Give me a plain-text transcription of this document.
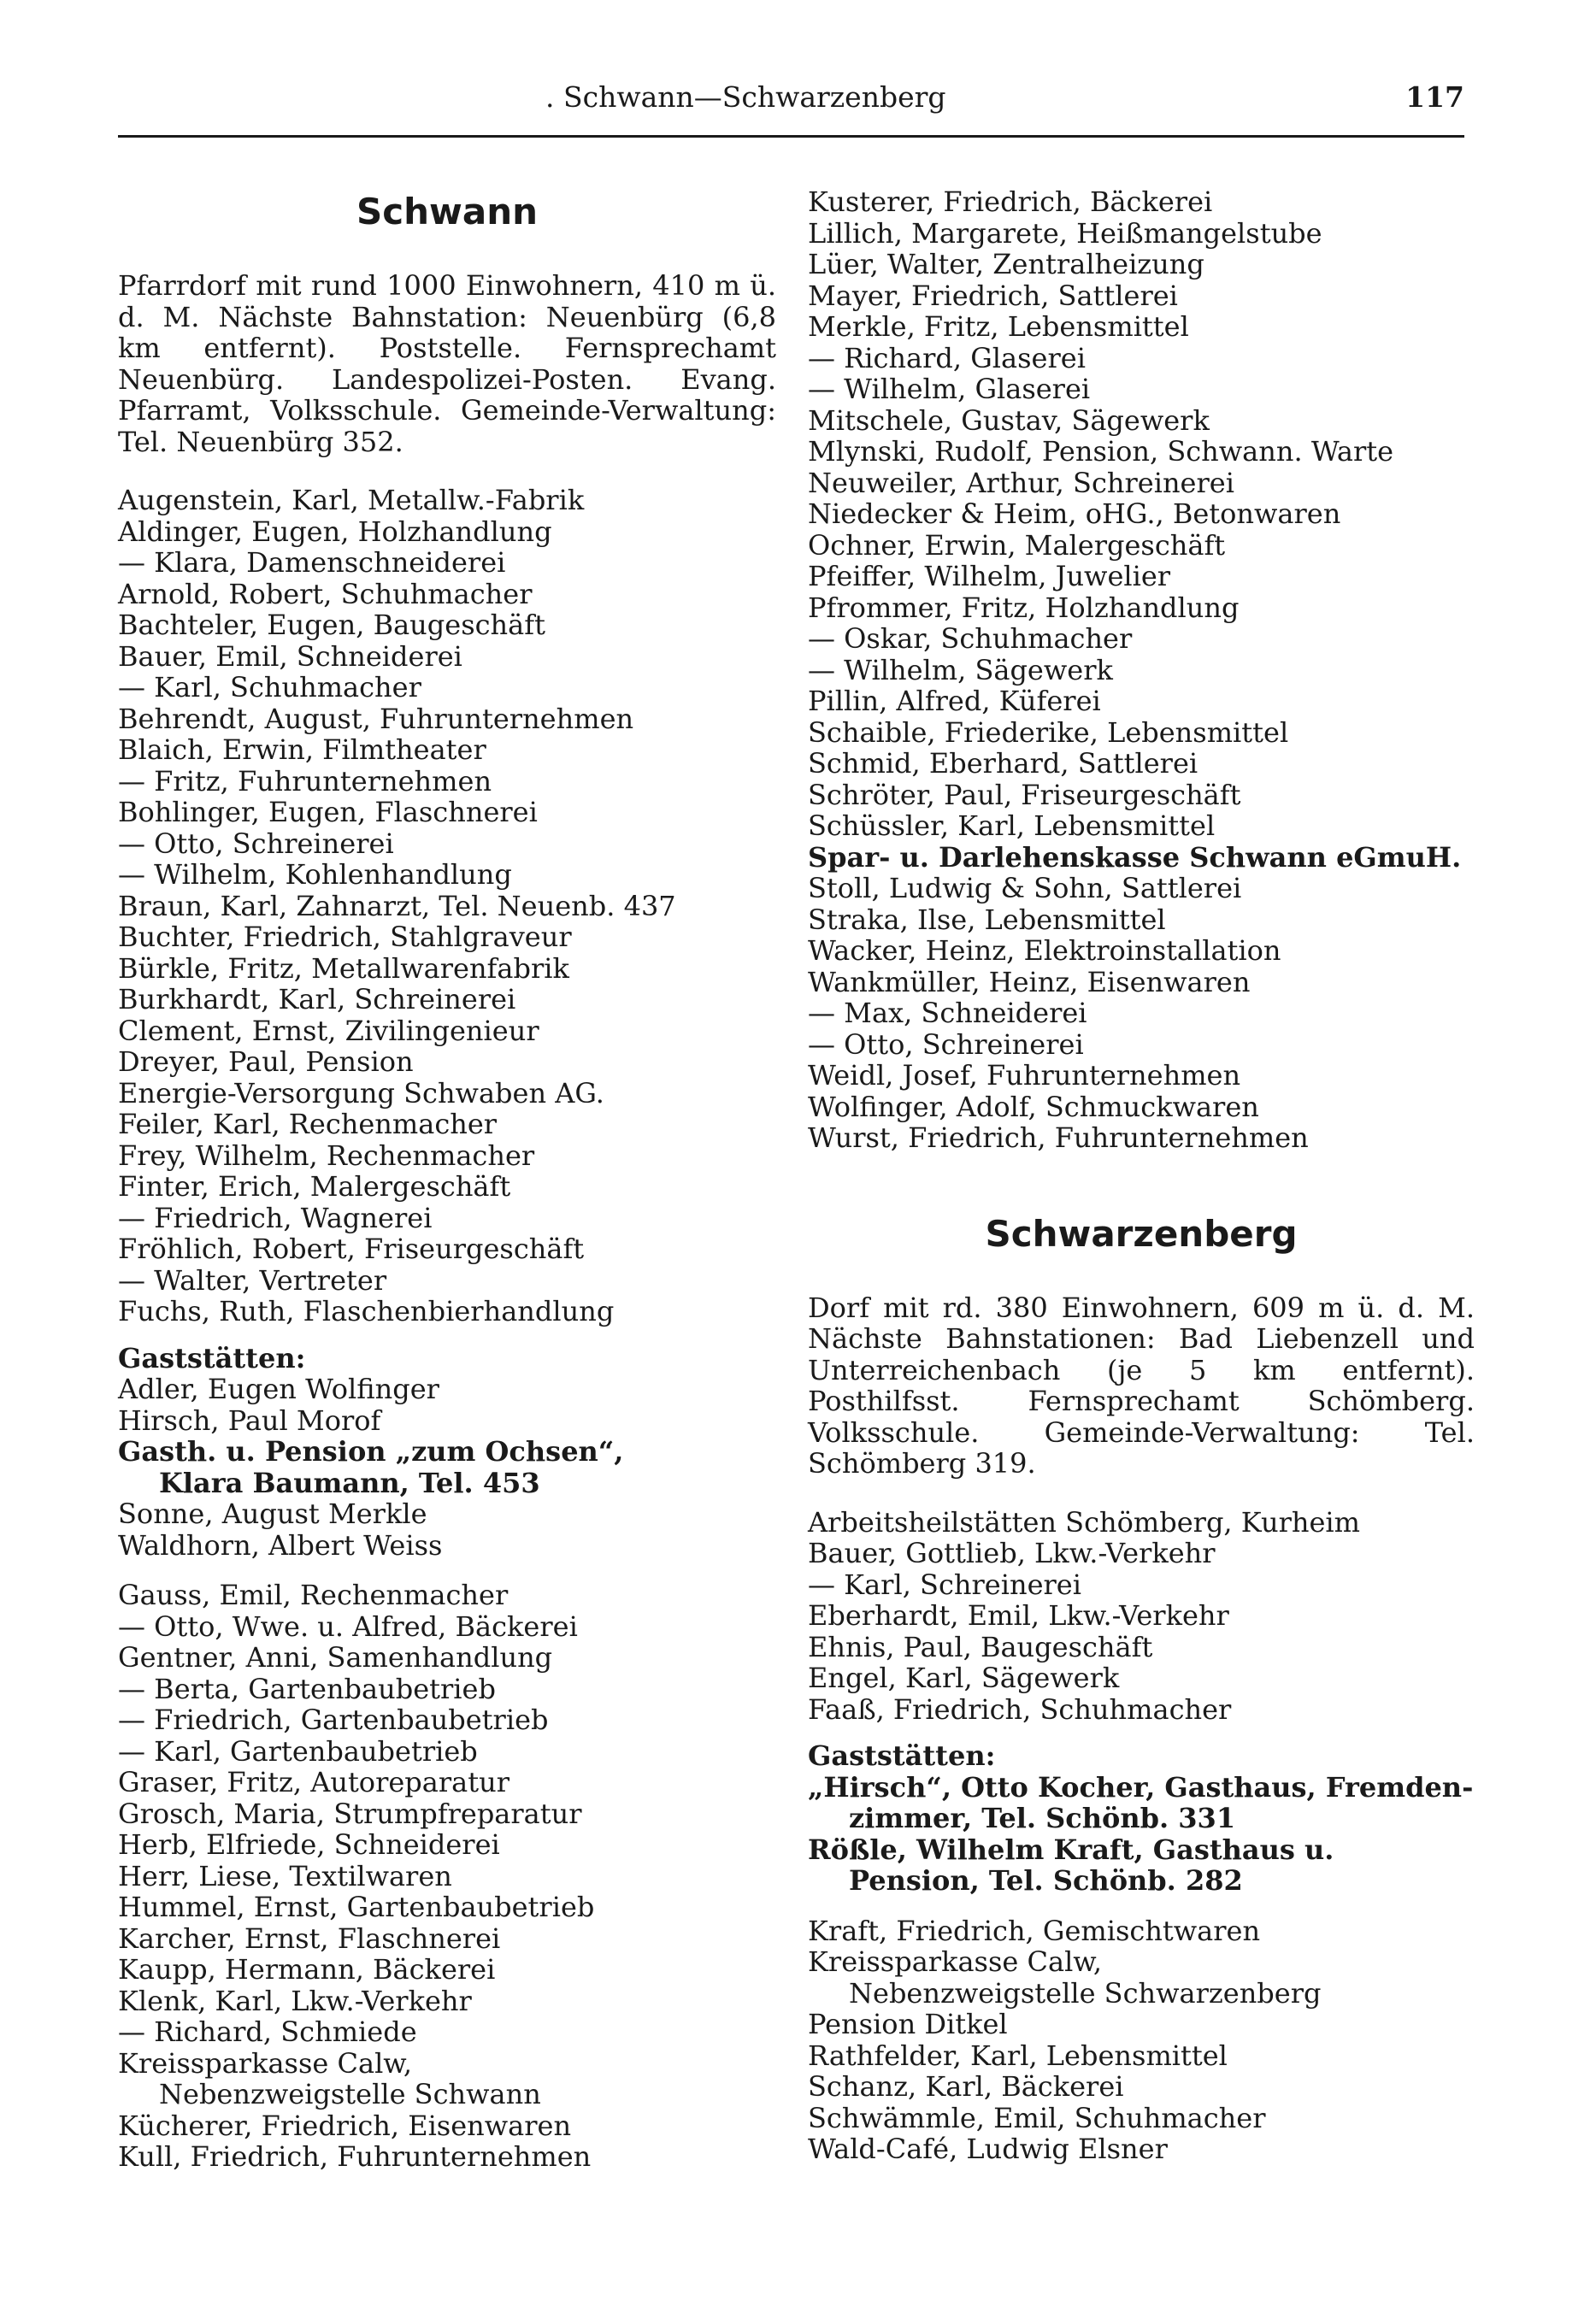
. Schwann—Schwarzenberg	117
Schwann
Pfarrdorf mit rund 1000 Einwohnern, 410 m ü. d. M. Nächste Bahnstation: Neuenbürg (6,8 km entfernt). Poststelle. Fernsprechamt Neuenbürg. Landespolizei-Posten. Evang. Pfarramt, Volksschule. Gemeinde-Verwaltung: Tel. Neuenbürg 352.
Augenstein, Karl, Metallw.-Fabrik
Aldinger, Eugen, Holzhandlung
— Klara, Damenschneiderei
Arnold, Robert, Schuhmacher
Bachteler, Eugen, Baugeschäft
Bauer, Emil, Schneiderei
— Karl, Schuhmacher
Behrendt, August, Fuhrunternehmen
Blaich, Erwin, Filmtheater
— Fritz, Fuhrunternehmen
Bohlinger, Eugen, Flaschnerei
— Otto, Schreinerei
— Wilhelm, Kohlenhandlung
Braun, Karl, Zahnarzt, Tel. Neuenb. 437
Buchter, Friedrich, Stahlgraveur
Bürkle, Fritz, Metallwarenfabrik
Burkhardt, Karl, Schreinerei
Clement, Ernst, Zivilingenieur
Dreyer, Paul, Pension
Energie-Versorgung Schwaben AG.
Feiler, Karl, Rechenmacher
Frey, Wilhelm, Rechenmacher
Finter, Erich, Malergeschäft
— Friedrich, Wagnerei
Fröhlich, Robert, Friseurgeschäft
— Walter, Vertreter
Fuchs, Ruth, Flaschenbierhandlung
Gaststätten:
Adler, Eugen Wolfinger
Hirsch, Paul Morof
Gasth. u. Pension „zum Ochsen“,
Klara Baumann, Tel. 453
Sonne, August Merkle
Waldhorn, Albert Weiss
Gauss, Emil, Rechenmacher
— Otto, Wwe. u. Alfred, Bäckerei
Gentner, Anni, Samenhandlung
— Berta, Gartenbaubetrieb
— Friedrich, Gartenbaubetrieb
— Karl, Gartenbaubetrieb
Graser, Fritz, Autoreparatur
Grosch, Maria, Strumpfreparatur
Herb, Elfriede, Schneiderei
Herr, Liese, Textilwaren
Hummel, Ernst, Gartenbaubetrieb
Karcher, Ernst, Flaschnerei
Kaupp, Hermann, Bäckerei
Klenk, Karl, Lkw.-Verkehr
— Richard, Schmiede
Kreissparkasse Calw,
Nebenzweigstelle Schwann
Kücherer, Friedrich, Eisenwaren
Kull, Friedrich, Fuhrunternehmen
Kusterer, Friedrich, Bäckerei
Lillich, Margarete, Heißmangelstube
Lüer, Walter, Zentralheizung
Mayer, Friedrich, Sattlerei
Merkle, Fritz, Lebensmittel
— Richard, Glaserei
— Wilhelm, Glaserei
Mitschele, Gustav, Sägewerk
Mlynski, Rudolf, Pension, Schwann. Warte
Neuweiler, Arthur, Schreinerei
Niedecker & Heim, oHG., Betonwaren
Ochner, Erwin, Malergeschäft
Pfeiffer, Wilhelm, Juwelier
Pfrommer, Fritz, Holzhandlung
— Oskar, Schuhmacher
— Wilhelm, Sägewerk
Pillin, Alfred, Küferei
Schaible, Friederike, Lebensmittel
Schmid, Eberhard, Sattlerei
Schröter, Paul, Friseurgeschäft
Schüssler, Karl, Lebensmittel
Spar- u. Darlehenskasse Schwann eGmuH.
Stoll, Ludwig & Sohn, Sattlerei
Straka, Ilse, Lebensmittel
Wacker, Heinz, Elektroinstallation
Wankmüller, Heinz, Eisenwaren
— Max, Schneiderei
— Otto, Schreinerei
Weidl, Josef, Fuhrunternehmen
Wolfinger, Adolf, Schmuckwaren
Wurst, Friedrich, Fuhrunternehmen
Schwarzenberg
Dorf mit rd. 380 Einwohnern, 609 m ü. d. M. Nächste Bahnstationen: Bad Liebenzell und Unterreichenbach (je 5 km entfernt). Posthilfsst. Fernsprechamt Schömberg. Volksschule. Gemeinde-Verwaltung: Tel. Schömberg 319.
Arbeitsheilstätten Schömberg, Kurheim
Bauer, Gottlieb, Lkw.-Verkehr
— Karl, Schreinerei
Eberhardt, Emil, Lkw.-Verkehr
Ehnis, Paul, Baugeschäft
Engel, Karl, Sägewerk
Faaß, Friedrich, Schuhmacher
Gaststätten:
„Hirsch“, Otto Kocher, Gasthaus, Fremden-
zimmer, Tel. Schönb. 331
Rößle, Wilhelm Kraft, Gasthaus u.
Pension, Tel. Schönb. 282
Kraft, Friedrich, Gemischtwaren
Kreissparkasse Calw,
Nebenzweigstelle Schwarzenberg
Pension Ditkel
Rathfelder, Karl, Lebensmittel
Schanz, Karl, Bäckerei
Schwämmle, Emil, Schuhmacher
Wald-Café, Ludwig Elsner
